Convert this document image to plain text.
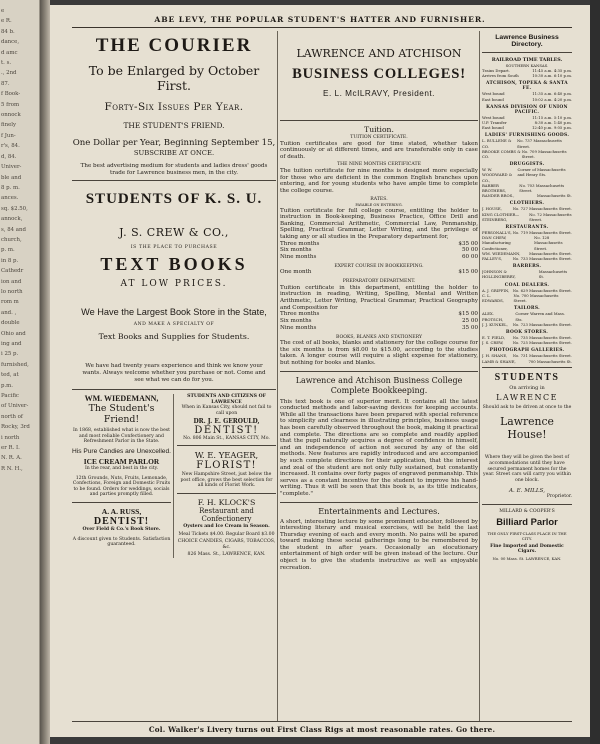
e
e R.
84 b.
dance,
d amc
t. s.
., 2nd
87.
f Book-
5 from
onnock
finely
f Jun-
r's, 84.
d, 84.
Univer-
ble and
8 p. m.
ances.
sq. $2.50,
annock,
s, 84 and
church,
p. m.
in 8 p.
Cathedr
ion and
lo north
rom m
and. ,
double
Ohio and
ing and
i 25 p.
furnished,
ted, at
p.m.
Pacific
of Univer-
north of
Rocky, 3rd
i north
er R. I.
N. R. A.
R N. H.,
ABE LEVY, THE POPULAR STUDENT'S HATTER AND FURNISHER.
THE COURIER
To be Enlarged by October First.
Forty-Six Issues Per Year.
THE STUDENT'S FRIEND.
One Dollar per Year, Beginning September 15,
SUBSCRIBE AT ONCE.
The best advertising medium for students and ladies dress' goods trade for Lawrence business men, in the city.
STUDENTS OF K. S. U.
J. S. CREW & CO.,
IS THE PLACE TO PURCHASE
TEXT BOOKS
AT LOW PRICES.
We Have the Largest Book Store in the State,
AND MAKE A SPECIALTY OF
Text Books and Supplies for Students.
We have had twenty years experience and think we know your wants. Always welcome whether you purchase or not. Come and see what we can do for you.
WM. WIEDEMANN,
The Student's Friend!
In 1868, established what is now the best and most reliable Confectionery and Refreshment Parlor in the State.
His Pure Candies are Unexcelled.
ICE CREAM PARLOR
In the rear, and best in the city.
12th Grounds, Nuts, Fruits, Lemonade, Confections, Foreign and Domestic Fruits to be found. Orders for weddings, socials and parties promptly filled.
A. A. RUSS,
DENTIST!
Over Field & Co.'s Book Store.
A discount given to Students. Satisfaction guaranteed.
STUDENTS AND CITIZENS OF LAWRENCE
When in Kansas City, should not fail to call upon
DR. J. E. GEROULD,
DENTIST!
No. 806 Main St., KANSAS CITY, Mo.
W. E. YEAGER,
FLORIST!
New Hampshire Street, just below the post office, grows the best selection for all kinds of Florist Work.
F. H. KLOCK'S
Restaurant and Confectionery
Oysters and Ice Cream in Season.
Meal Tickets $4.00. Regular Board $3.00
CHOICE CANDIES, CIGARS, TOBACCOS, &c.
826 Mass. St., LAWRENCE, KAN.
LAWRENCE AND ATCHISON
BUSINESS COLLEGES!
E. L. McILRAVY, President.
Tuition.
TUITION CERTIFICATE.
Tuition certificates are good for time stated, whether taken continuously or at different times, and are transferable only in case of death.
THE NINE MONTHS CERTIFICATE
The tuition certificate for nine months is designed more especially for those who are deficient in the common English branches upon entering, and for young students who have ample time to complete the college course.
RATES.
PAYABLE ON ENTERING.
Tuition certificate for full college course, entitling the holder to instruction in Book-keeping, Business Practice, Office Drill and Banking, Commercial Arithmetic, Commercial Law, Penmanship, Spelling, Practical Grammar, Letter Writing, and the privilege of taking any or all studies in the Preparatory department for,
Three months	$35 00
Six months	50 00
Nine months	60 00
EXPERT COURSE IN BOOKKEEPING.
One month	$15 00
PREPARATORY DEPARTMENT.
Tuition certificate in this department, entitling the holder to instruction in reading, Writing, Spelling, Mental and Written Arithmetic, Letter Writing, Practical Grammar, Practical Geography and Composition for
Three months	$15 00
Six months	25 00
Nine months	35 00
BOOKS, BLANKS AND STATIONERY
The cost of all books, blanks and stationery for the college course for the six months is from $8.00 to $15.00, according to the studies taken. A longer course will require a slight expense for stationery, but nothing for books and blanks.
Lawrence and Atchison Business College Complete Bookkeeping.
This text book is one of superior merit. It contains all the latest conducted methods and labor-saving devices for keeping accounts. While all the transactions have been prepared with special reference to simplicity and clearness in illustrating principles, business usage has been carefully observed throughout the book, making it practical and complete. The directions are so complete and readily applied that the pupil naturally acquires a degree of confidence in himself, and an independence of action not secured by any of the old methods. New features are rapidly introduced and are accompanied by such complete directions for their application, that the interest and zeal of the student are not only fully sustained, but constantly increased. It contains over forty pages of engraved penmanship. This serves as a constant incentive for the student to improve his hand-writing. Thus it will be seen that this book is, as its title indicates, "complete."
Entertainments and Lectures.
A short, interesting lecture by some prominent educator, followed by interesting literary and musical exercises, will be held the last Thursday evening of each and every month. No pains will be spared toward making these social gatherings long to be remembered by the student in after years. Occasionally an elocutionary entertainment of high order will be given instead of the lecture. Our object is to give the students instructive as well as enjoyable recreation.
Lawrence Business Directory.
RAILROAD TIME TABLES.
SOUTHERN KANSAS.
Trains Depart.	11:45 a.m. 4:35 p.m.
Arrives from South	10:30 a.m. 6:10 p.m.
ATCHISON, TOPEKA & SANTA FE.
West bound	11:35 a.m. 6:40 p.m.
East bound	10:02 a.m. 4:20 p.m.
KANSAS DIVISION OF UNION PACIFIC.
West bound	11:15 a.m. 5:10 p.m.
U.P. Transfer	8:30 a.m. 1:40 p.m.
East bound	12:40 p.m. 9:05 p.m.
LADIES' FURNISHING GOODS.
L. BULLENE & CO.
No. 737 Massachusetts Street.
BROOKE COMBS & CO.
No. 709 Massachusetts Street.
DRUGGISTS.
W. W. WOODWARD & CO.,
Corner of Massachusetts and Henry Sts.
BARBER BROTHERS,
No. 703 Massachusetts Street.
RANDER BROS.,	Massachusetts St.
CLOTHIERS.
J. HOUSE,	No. 727 Massachusetts Street.
KING CLOTHIER—STEINBERG,
No. 72 Massachusetts Street.
RESTAURANTS.
PERSONALL'S, No. 719 Massachusetts Street.
D&N CHEW, Manufacturing Confectioner,
No. 128 Massachusetts Street.
WM. WIEDEMANN, Massachusetts Street.
FALLEY'S,	No. 733 Massachusetts Street.
BARBERS.
JOHNSON & HOLLINGBERRY,
Massachusetts St.
COAL DEALERS.
A. J. GRIFFIN, No. 629 Massachusetts Street.
C. L. EDWARDS,
No. 700 Massachusetts Street.
TAILORS.
ALEX. PROTSCH,
Corner Warren and Mass. Sts.
J. J. KUNKEL, No. 723 Massachusetts Street.
BOOK STORES.
E. T. FIELD, No. 735 Massachusetts Street.
J. S. CREW, No. 725 Massachusetts Street.
PHOTOGRAPH GALLERIES.
J. H. SHANE, No. 731 Massachusetts Street.
LAMB & SHANE,	700 Massachusetts St.
STUDENTS
On arriving in
LAWRENCE
Should ask to be driven at once to the
Lawrence House!
Where they will be given the best of accommodations until they have secured permanent homes for the year. Street cars will carry you within one block.
A. E. MILLS,
Proprietor.
MILLARD & COOPER'S
Billiard Parlor
THE ONLY FIRST-CLASS PLACE IN THE CITY.
Fine Imported and Domestic Cigars.
No. 00 Mass. St. LAWRENCE, KAN.
Col. Walker's Livery turns out First Class Rigs at most reasonable rates. Go there.
